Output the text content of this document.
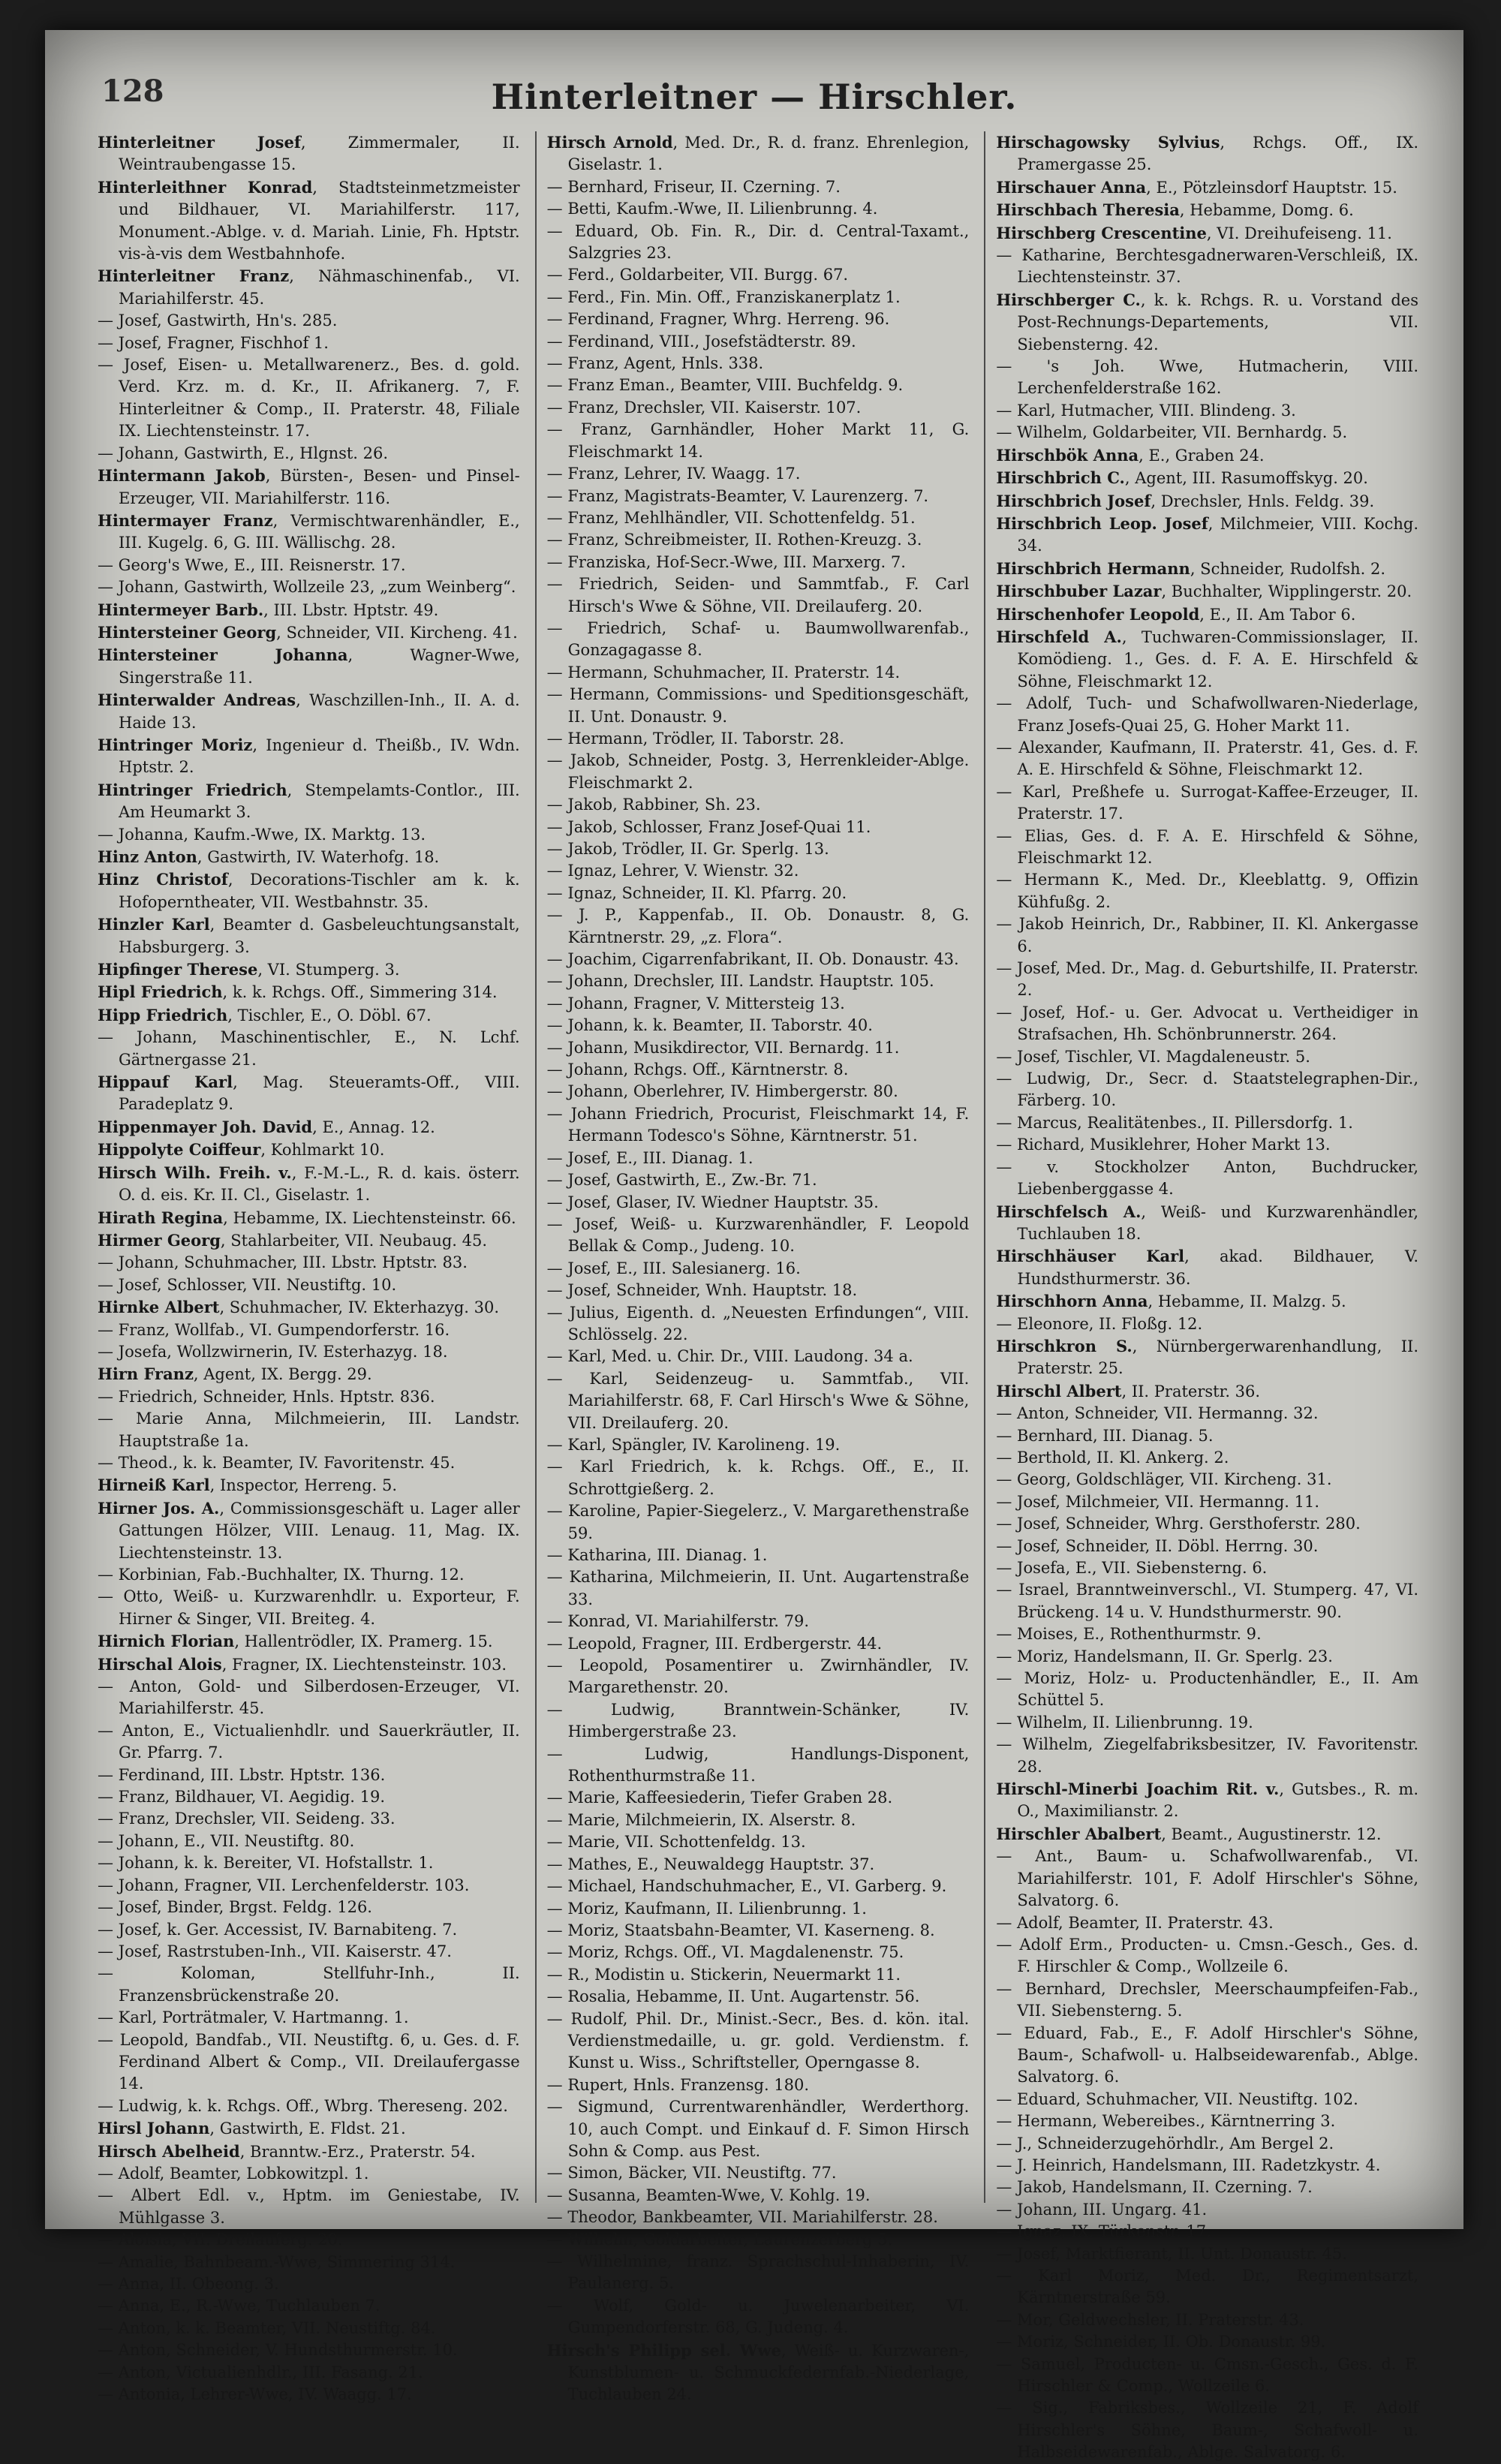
128	Hinterleitner — Hirschler.

Hinterleitner Josef, Zimmermaler, II. Weintraubengasse 15.

Hinterleithner Konrad, Stadtsteinmetzmeister und Bildhauer, VI. Mariahilferstr. 117, Monument.-Ablge. v. d. Mariah. Linie, Fh. Hptstr. vis-à-vis dem Westbahnhofe.

Hinterleitner Franz, Nähmaschinenfab., VI. Mariahilferstr. 45.

— Josef, Gastwirth, Hn's. 285.

— Josef, Fragner, Fischhof 1.

— Josef, Eisen- u. Metallwarenerz., Bes. d. gold. Verd. Krz. m. d. Kr., II. Afrikanerg. 7, F. Hinterleitner & Comp., II. Praterstr. 48, Filiale IX. Liechtensteinstr. 17.

— Johann, Gastwirth, E., Hlgnst. 26.

Hintermann Jakob, Bürsten-, Besen- und Pinsel-Erzeuger, VII. Mariahilferstr. 116.

Hintermayer Franz, Vermischtwarenhändler, E., III. Kugelg. 6, G. III. Wällischg. 28.

— Georg's Wwe, E., III. Reisnerstr. 17.

— Johann, Gastwirth, Wollzeile 23, „zum Weinberg“.

Hintermeyer Barb., III. Lbstr. Hptstr. 49.

Hintersteiner Georg, Schneider, VII. Kircheng. 41.

Hintersteiner Johanna, Wagner-Wwe, Singerstraße 11.

Hinterwalder Andreas, Waschzillen-Inh., II. A. d. Haide 13.

Hintringer Moriz, Ingenieur d. Theißb., IV. Wdn. Hptstr. 2.

Hintringer Friedrich, Stempelamts-Contlor., III. Am Heumarkt 3.

— Johanna, Kaufm.-Wwe, IX. Marktg. 13.

Hinz Anton, Gastwirth, IV. Waterhofg. 18.

Hinz Christof, Decorations-Tischler am k. k. Hofoperntheater, VII. Westbahnstr. 35.

Hinzler Karl, Beamter d. Gasbeleuchtungsanstalt, Habsburgerg. 3.

Hipfinger Therese, VI. Stumperg. 3.

Hipl Friedrich, k. k. Rchgs. Off., Simmering 314.

Hipp Friedrich, Tischler, E., O. Döbl. 67.

— Johann, Maschinentischler, E., N. Lchf. Gärtnergasse 21.

Hippauf Karl, Mag. Steueramts-Off., VIII. Paradeplatz 9.

Hippenmayer Joh. David, E., Annag. 12.

Hippolyte Coiffeur, Kohlmarkt 10.

Hirsch Wilh. Freih. v., F.-M.-L., R. d. kais. österr. O. d. eis. Kr. II. Cl., Giselastr. 1.

Hirath Regina, Hebamme, IX. Liechtensteinstr. 66.

Hirmer Georg, Stahlarbeiter, VII. Neubaug. 45.

— Johann, Schuhmacher, III. Lbstr. Hptstr. 83.

— Josef, Schlosser, VII. Neustiftg. 10.

Hirnke Albert, Schuhmacher, IV. Ekterhazyg. 30.

— Franz, Wollfab., VI. Gumpendorferstr. 16.

— Josefa, Wollzwirnerin, IV. Esterhazyg. 18.

Hirn Franz, Agent, IX. Bergg. 29.

— Friedrich, Schneider, Hnls. Hptstr. 836.

— Marie Anna, Milchmeierin, III. Landstr. Hauptstraße 1a.

— Theod., k. k. Beamter, IV. Favoritenstr. 45.

Hirneiß Karl, Inspector, Herreng. 5.

Hirner Jos. A., Commissionsgeschäft u. Lager aller Gattungen Hölzer, VIII. Lenaug. 11, Mag. IX. Liechtensteinstr. 13.

— Korbinian, Fab.-Buchhalter, IX. Thurng. 12.

— Otto, Weiß- u. Kurzwarenhdlr. u. Exporteur, F. Hirner & Singer, VII. Breiteg. 4.

Hirnich Florian, Hallentrödler, IX. Pramerg. 15.

Hirschal Alois, Fragner, IX. Liechtensteinstr. 103.

— Anton, Gold- und Silberdosen-Erzeuger, VI. Mariahilferstr. 45.

— Anton, E., Victualienhdlr. und Sauerkräutler, II. Gr. Pfarrg. 7.

— Ferdinand, III. Lbstr. Hptstr. 136.

— Franz, Bildhauer, VI. Aegidig. 19.

— Franz, Drechsler, VII. Seideng. 33.

— Johann, E., VII. Neustiftg. 80.

— Johann, k. k. Bereiter, VI. Hofstallstr. 1.

— Johann, Fragner, VII. Lerchenfelderstr. 103.

— Josef, Binder, Brgst. Feldg. 126.

— Josef, k. Ger. Accessist, IV. Barnabiteng. 7.

— Josef, Rastrstuben-Inh., VII. Kaiserstr. 47.

— Koloman, Stellfuhr-Inh., II. Franzensbrückenstraße 20.

— Karl, Porträtmaler, V. Hartmanng. 1.

— Leopold, Bandfab., VII. Neustiftg. 6, u. Ges. d. F. Ferdinand Albert & Comp., VII. Dreilaufergasse 14.

— Ludwig, k. k. Rchgs. Off., Wbrg. Thereseng. 202.

Hirsl Johann, Gastwirth, E. Fldst. 21.

Hirsch Abelheid, Branntw.-Erz., Praterstr. 54.

— Adolf, Beamter, Lobkowitzpl. 1.

— Albert Edl. v., Hptm. im Geniestabe, IV. Mühlgasse 3.

— Aloisia, VII. Dreilauferg. 20.

— Amalie, Bahnbeam.-Wwe, Simmering 314.

— Anna, II. Obeong. 3.

— Anna, E., R.-Wwe, Tuchlauben 7.

— Anton, k. k. Beamter, VII. Neustiftg. 84.

— Anton, Schneider, V. Hundsthurmerstr. 10.

— Anton, Victualienhdlr., III. Fasang. 21.

— Antonia, Lehrer-Wwe, IV. Waagg. 17.

Hirsch Arnold, Med. Dr., R. d. franz. Ehrenlegion, Giselastr. 1.

— Bernhard, Friseur, II. Czerning. 7.

— Betti, Kaufm.-Wwe, II. Lilienbrunng. 4.

— Eduard, Ob. Fin. R., Dir. d. Central-Taxamt., Salzgries 23.

— Ferd., Goldarbeiter, VII. Burgg. 67.

— Ferd., Fin. Min. Off., Franziskanerplatz 1.

— Ferdinand, Fragner, Whrg. Herreng. 96.

— Ferdinand, VIII., Josefstädterstr. 89.

— Franz, Agent, Hnls. 338.

— Franz Eman., Beamter, VIII. Buchfeldg. 9.

— Franz, Drechsler, VII. Kaiserstr. 107.

— Franz, Garnhändler, Hoher Markt 11, G. Fleischmarkt 14.

— Franz, Lehrer, IV. Waagg. 17.

— Franz, Magistrats-Beamter, V. Laurenzerg. 7.

— Franz, Mehlhändler, VII. Schottenfeldg. 51.

— Franz, Schreibmeister, II. Rothen-Kreuzg. 3.

— Franziska, Hof-Secr.-Wwe, III. Marxerg. 7.

— Friedrich, Seiden- und Sammtfab., F. Carl Hirsch's Wwe & Söhne, VII. Dreilauferg. 20.

— Friedrich, Schaf- u. Baumwollwarenfab., Gonzagagasse 8.

— Hermann, Schuhmacher, II. Praterstr. 14.

— Hermann, Commissions- und Speditionsgeschäft, II. Unt. Donaustr. 9.

— Hermann, Trödler, II. Taborstr. 28.

— Jakob, Schneider, Postg. 3, Herrenkleider-Ablge. Fleischmarkt 2.

— Jakob, Rabbiner, Sh. 23.

— Jakob, Schlosser, Franz Josef-Quai 11.

— Jakob, Trödler, II. Gr. Sperlg. 13.

— Ignaz, Lehrer, V. Wienstr. 32.

— Ignaz, Schneider, II. Kl. Pfarrg. 20.

— J. P., Kappenfab., II. Ob. Donaustr. 8, G. Kärntnerstr. 29, „z. Flora“.

— Joachim, Cigarrenfabrikant, II. Ob. Donaustr. 43.

— Johann, Drechsler, III. Landstr. Hauptstr. 105.

— Johann, Fragner, V. Mittersteig 13.

— Johann, k. k. Beamter, II. Taborstr. 40.

— Johann, Musikdirector, VII. Bernardg. 11.

— Johann, Rchgs. Off., Kärntnerstr. 8.

— Johann, Oberlehrer, IV. Himbergerstr. 80.

— Johann Friedrich, Procurist, Fleischmarkt 14, F. Hermann Todesco's Söhne, Kärntnerstr. 51.

— Josef, E., III. Dianag. 1.

— Josef, Gastwirth, E., Zw.-Br. 71.

— Josef, Glaser, IV. Wiedner Hauptstr. 35.

— Josef, Weiß- u. Kurzwarenhändler, F. Leopold Bellak & Comp., Judeng. 10.

— Josef, E., III. Salesianerg. 16.

— Josef, Schneider, Wnh. Hauptstr. 18.

— Julius, Eigenth. d. „Neuesten Erfindungen“, VIII. Schlösselg. 22.

— Karl, Med. u. Chir. Dr., VIII. Laudong. 34 a.

— Karl, Seidenzeug- u. Sammtfab., VII. Mariahilferstr. 68, F. Carl Hirsch's Wwe & Söhne, VII. Dreilauferg. 20.

— Karl, Spängler, IV. Karolineng. 19.

— Karl Friedrich, k. k. Rchgs. Off., E., II. Schrottgießerg. 2.

— Karoline, Papier-Siegelerz., V. Margarethenstraße 59.

— Katharina, III. Dianag. 1.

— Katharina, Milchmeierin, II. Unt. Augartenstraße 33.

— Konrad, VI. Mariahilferstr. 79.

— Leopold, Fragner, III. Erdbergerstr. 44.

— Leopold, Posamentirer u. Zwirnhändler, IV. Margarethenstr. 20.

— Ludwig, Branntwein-Schänker, IV. Himbergerstraße 23.

— Ludwig, Handlungs-Disponent, Rothenthurmstraße 11.

— Marie, Kaffeesiederin, Tiefer Graben 28.

— Marie, Milchmeierin, IX. Alserstr. 8.

— Marie, VII. Schottenfeldg. 13.

— Mathes, E., Neuwaldegg Hauptstr. 37.

— Michael, Handschuhmacher, E., VI. Garberg. 9.

— Moriz, Kaufmann, II. Lilienbrunng. 1.

— Moriz, Staatsbahn-Beamter, VI. Kaserneng. 8.

— Moriz, Rchgs. Off., VI. Magdalenenstr. 75.

— R., Modistin u. Stickerin, Neuermarkt 11.

— Rosalia, Hebamme, II. Unt. Augartenstr. 56.

— Rudolf, Phil. Dr., Minist.-Secr., Bes. d. kön. ital. Verdienstmedaille, u. gr. gold. Verdienstm. f. Kunst u. Wiss., Schriftsteller, Operngasse 8.

— Rupert, Hnls. Franzensg. 180.

— Sigmund, Currentwarenhändler, Werderthorg. 10, auch Compt. und Einkauf d. F. Simon Hirsch Sohn & Comp. aus Pest.

— Simon, Bäcker, VII. Neustiftg. 77.

— Susanna, Beamten-Wwe, V. Kohlg. 19.

— Theodor, Bankbeamter, VII. Mariahilferstr. 28.

— Wilhelm, Goldarbeiter, Laurenzerberg 5.

— Wilhelmine, franz. Sprachschul-Inhaberin, IV. Paulanerg. 5.

— Wolf, Gold- u. Juwelenarbeiter, VI. Gumpendorferstr. 68, G. Judeng. 4.

Hirsch's Philipp sel. Wwe, Weiß- u. Kurzwaren-, Kunstblumen- u. Schmuckfedernfab.-Niederlage, Tuchlauben 24.

Hirschagowsky Sylvius, Rchgs. Off., IX. Pramergasse 25.

Hirschauer Anna, E., Pötzleinsdorf Hauptstr. 15.

Hirschbach Theresia, Hebamme, Domg. 6.

Hirschberg Crescentine, VI. Dreihufeiseng. 11.

— Katharine, Berchtesgadnerwaren-Verschleiß, IX. Liechtensteinstr. 37.

Hirschberger C., k. k. Rchgs. R. u. Vorstand des Post-Rechnungs-Departements, VII. Siebensterng. 42.

— 's Joh. Wwe, Hutmacherin, VIII. Lerchenfelderstraße 162.

— Karl, Hutmacher, VIII. Blindeng. 3.

— Wilhelm, Goldarbeiter, VII. Bernhardg. 5.

Hirschbök Anna, E., Graben 24.

Hirschbrich C., Agent, III. Rasumoffskyg. 20.

Hirschbrich Josef, Drechsler, Hnls. Feldg. 39.

Hirschbrich Leop. Josef, Milchmeier, VIII. Kochg. 34.

Hirschbrich Hermann, Schneider, Rudolfsh. 2.

Hirschbuber Lazar, Buchhalter, Wipplingerstr. 20.

Hirschenhofer Leopold, E., II. Am Tabor 6.

Hirschfeld A., Tuchwaren-Commissionslager, II. Komödieng. 1., Ges. d. F. A. E. Hirschfeld & Söhne, Fleischmarkt 12.

— Adolf, Tuch- und Schafwollwaren-Niederlage, Franz Josefs-Quai 25, G. Hoher Markt 11.

— Alexander, Kaufmann, II. Praterstr. 41, Ges. d. F. A. E. Hirschfeld & Söhne, Fleischmarkt 12.

— Karl, Preßhefe u. Surrogat-Kaffee-Erzeuger, II. Praterstr. 17.

— Elias, Ges. d. F. A. E. Hirschfeld & Söhne, Fleischmarkt 12.

— Hermann K., Med. Dr., Kleeblattg. 9, Offizin Kühfußg. 2.

— Jakob Heinrich, Dr., Rabbiner, II. Kl. Ankergasse 6.

— Josef, Med. Dr., Mag. d. Geburtshilfe, II. Praterstr. 2.

— Josef, Hof.- u. Ger. Advocat u. Vertheidiger in Strafsachen, Hh. Schönbrunnerstr. 264.

— Josef, Tischler, VI. Magdaleneustr. 5.

— Ludwig, Dr., Secr. d. Staatstelegraphen-Dir., Färberg. 10.

— Marcus, Realitätenbes., II. Pillersdorfg. 1.

— Richard, Musiklehrer, Hoher Markt 13.

— v. Stockholzer Anton, Buchdrucker, Liebenberggasse 4.

Hirschfelsch A., Weiß- und Kurzwarenhändler, Tuchlauben 18.

Hirschhäuser Karl, akad. Bildhauer, V. Hundsthurmerstr. 36.

Hirschhorn Anna, Hebamme, II. Malzg. 5.

— Eleonore, II. Floßg. 12.

Hirschkron S., Nürnbergerwarenhandlung, II. Praterstr. 25.

Hirschl Albert, II. Praterstr. 36.

— Anton, Schneider, VII. Hermanng. 32.

— Bernhard, III. Dianag. 5.

— Berthold, II. Kl. Ankerg. 2.

— Georg, Goldschläger, VII. Kircheng. 31.

— Josef, Milchmeier, VII. Hermanng. 11.

— Josef, Schneider, Whrg. Gersthoferstr. 280.

— Josef, Schneider, II. Döbl. Herrng. 30.

— Josefa, E., VII. Siebensterng. 6.

— Israel, Branntweinverschl., VI. Stumperg. 47, VI. Brückeng. 14 u. V. Hundsthurmerstr. 90.

— Moises, E., Rothenthurmstr. 9.

— Moriz, Handelsmann, II. Gr. Sperlg. 23.

— Moriz, Holz- u. Productenhändler, E., II. Am Schüttel 5.

— Wilhelm, II. Lilienbrunng. 19.

— Wilhelm, Ziegelfabriksbesitzer, IV. Favoritenstr. 28.

Hirschl-Minerbi Joachim Rit. v., Gutsbes., R. m. O., Maximilianstr. 2.

Hirschler Abalbert, Beamt., Augustinerstr. 12.

— Ant., Baum- u. Schafwollwarenfab., VI. Mariahilferstr. 101, F. Adolf Hirschler's Söhne, Salvatorg. 6.

— Adolf, Beamter, II. Praterstr. 43.

— Adolf Erm., Producten- u. Cmsn.-Gesch., Ges. d. F. Hirschler & Comp., Wollzeile 6.

— Bernhard, Drechsler, Meerschaumpfeifen-Fab., VII. Siebensterng. 5.

— Eduard, Fab., E., F. Adolf Hirschler's Söhne, Baum-, Schafwoll- u. Halbseidewarenfab., Ablge. Salvatorg. 6.

— Eduard, Schuhmacher, VII. Neustiftg. 102.

— Hermann, Webereibes., Kärntnerring 3.

— J., Schneiderzugehörhdlr., Am Bergel 2.

— J. Heinrich, Handelsmann, III. Radetzkystr. 4.

— Jakob, Handelsmann, II. Czerning. 7.

— Johann, III. Ungarg. 41.

— Ignaz, IX. Türkenstr. 17.

— Josef, Marktfierant, II. Unt. Donaustr. 45.

— Karl Moriz, Med. Dr., Regimentsarzt, Kärntnerstraße 59.

— Mor, Geldwechsler, II. Praterstr. 43.

— Moriz, Schneider, II. Ob. Donaustr. 99.

— Samuel, Producten- u. Cmsn.-Gesch., Ges. d. F. Hirschler & Comp., Wollzeile 6.

— Sig., Fabriksbes., Wollzeile 21, F. Adolf Hirschler's Söhne, Baum-, Schafwoll- u. Halbseidewarenfab., Ablge. Salvatorg. 6.
